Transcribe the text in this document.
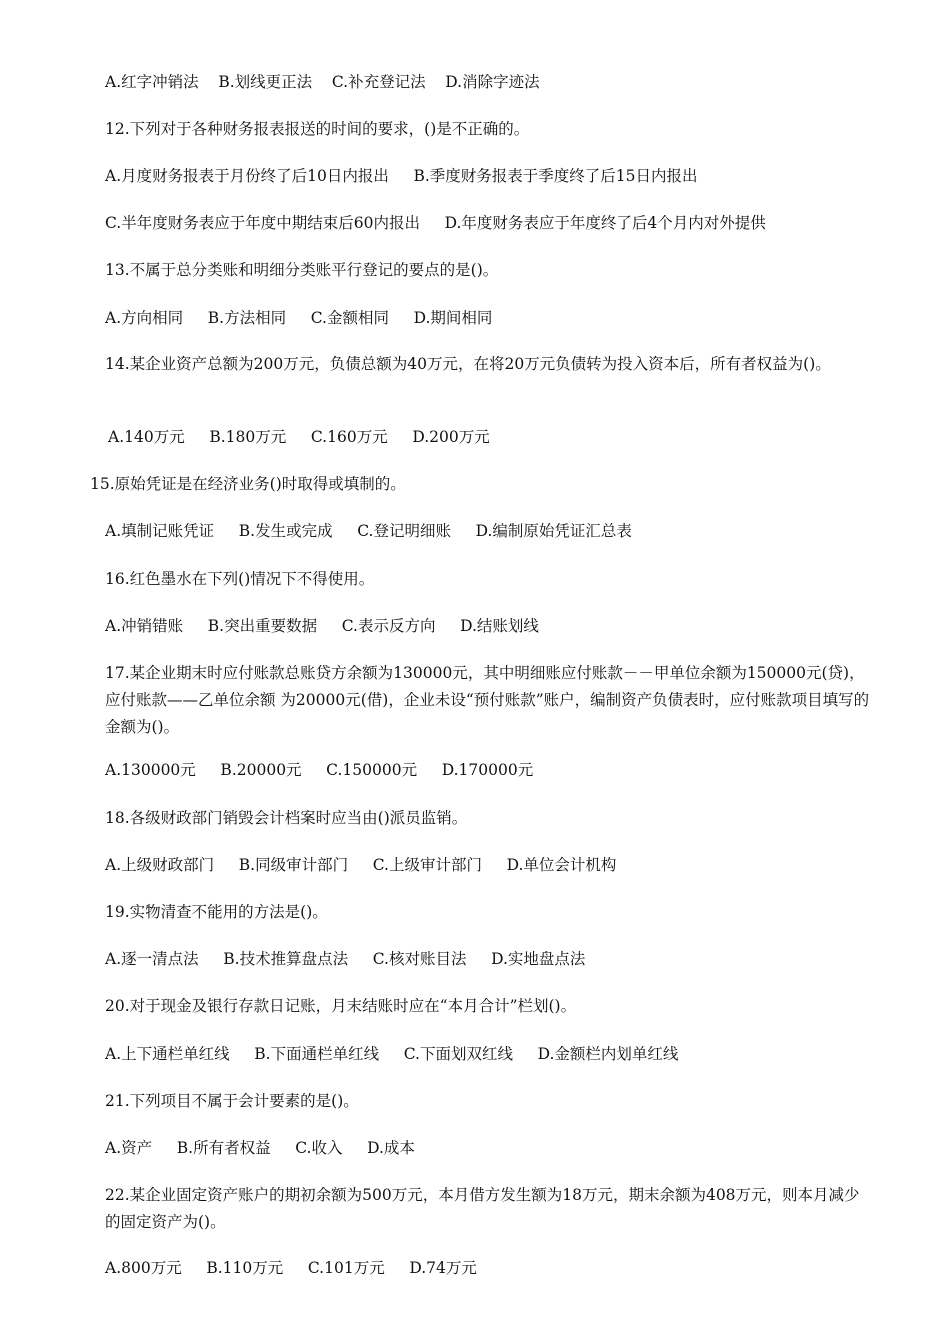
A.红字冲销法    B.划线更正法    C.补充登记法    D.消除字迹法
12.下列对于各种财务报表报送的时间的要求，()是不正确的。
A.月度财务报表于月份终了后10日内报出     B.季度财务报表于季度终了后15日内报出
C.半年度财务表应于年度中期结束后60内报出     D.年度财务表应于年度终了后4个月内对外提供
13.不属于总分类账和明细分类账平行登记的要点的是()。
A.方向相同     B.方法相同     C.金额相同     D.期间相同
14.某企业资产总额为200万元，负债总额为40万元，在将20万元负债转为投入资本后，所有者权益为()。
A.140万元     B.180万元     C.160万元     D.200万元
15.原始凭证是在经济业务()时取得或填制的。
A.填制记账凭证     B.发生或完成     C.登记明细账     D.编制原始凭证汇总表
16.红色墨水在下列()情况下不得使用。
A.冲销错账     B.突出重要数据     C.表示反方向     D.结账划线
17.某企业期末时应付账款总账贷方余额为130000元，其中明细账应付账款－－甲单位余额为150000元(贷)，应付账款——乙单位余额 为20000元(借)，企业未设“预付账款”账户，编制资产负债表时，应付账款项目填写的金额为()。
A.130000元     B.20000元     C.150000元     D.170000元
18.各级财政部门销毁会计档案时应当由()派员监销。
A.上级财政部门     B.同级审计部门     C.上级审计部门     D.单位会计机构
19.实物清查不能用的方法是()。
A.逐一清点法     B.技术推算盘点法     C.核对账目法     D.实地盘点法
20.对于现金及银行存款日记账，月末结账时应在“本月合计”栏划()。
A.上下通栏单红线     B.下面通栏单红线     C.下面划双红线     D.金额栏内划单红线
21.下列项目不属于会计要素的是()。
A.资产     B.所有者权益     C.收入     D.成本
22.某企业固定资产账户的期初余额为500万元，本月借方发生额为18万元，期末余额为408万元，则本月减少的固定资产为()。
A.800万元     B.110万元     C.101万元     D.74万元
